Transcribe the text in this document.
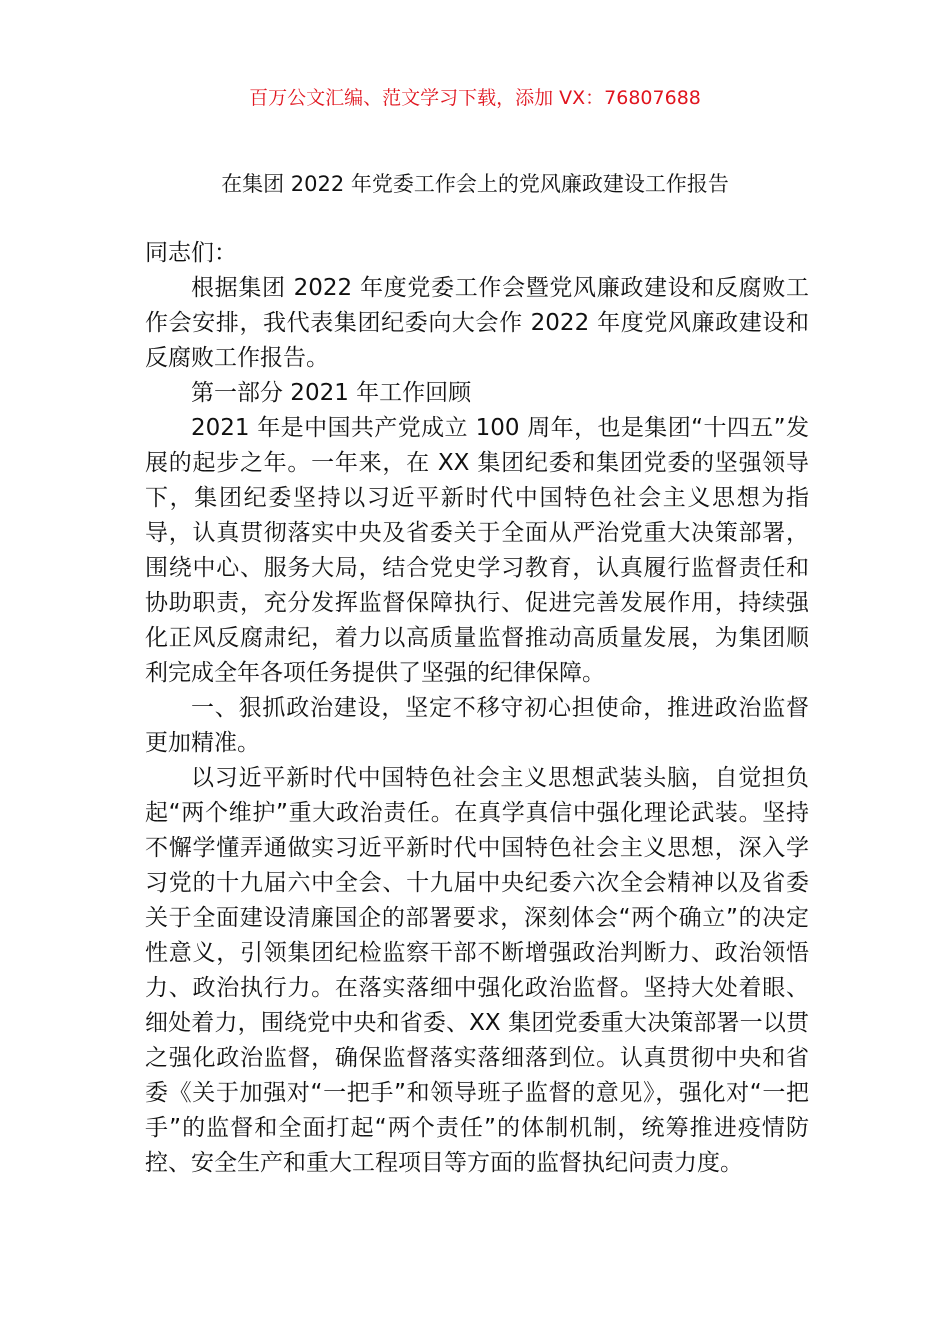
百万公文汇编、范文学习下载，添加 VX：76807688
在集团 2022 年党委工作会上的党风廉政建设工作报告

同志们：

根据集团 2022 年度党委工作会暨党风廉政建设和反腐败工作会安排，我代表集团纪委向大会作 2022 年度党风廉政建设和反腐败工作报告。

第一部分 2021 年工作回顾

2021 年是中国共产党成立 100 周年，也是集团“十四五”发展的起步之年。一年来，在 XX 集团纪委和集团党委的坚强领导下，集团纪委坚持以习近平新时代中国特色社会主义思想为指导，认真贯彻落实中央及省委关于全面从严治党重大决策部署，围绕中心、服务大局，结合党史学习教育，认真履行监督责任和协助职责，充分发挥监督保障执行、促进完善发展作用，持续强化正风反腐肃纪，着力以高质量监督推动高质量发展，为集团顺利完成全年各项任务提供了坚强的纪律保障。

一、狠抓政治建设，坚定不移守初心担使命，推进政治监督更加精准。

以习近平新时代中国特色社会主义思想武装头脑，自觉担负起“两个维护”重大政治责任。在真学真信中强化理论武装。坚持不懈学懂弄通做实习近平新时代中国特色社会主义思想，深入学习党的十九届六中全会、十九届中央纪委六次全会精神以及省委关于全面建设清廉国企的部署要求，深刻体会“两个确立”的决定性意义，引领集团纪检监察干部不断增强政治判断力、政治领悟力、政治执行力。在落实落细中强化政治监督。坚持大处着眼、细处着力，围绕党中央和省委、XX 集团党委重大决策部署一以贯之强化政治监督，确保监督落实落细落到位。认真贯彻中央和省委《关于加强对“一把手”和领导班子监督的意见》，强化对“一把手”的监督和全面打起“两个责任”的体制机制，统筹推进疫情防控、安全生产和重大工程项目等方面的监督执纪问责力度。
